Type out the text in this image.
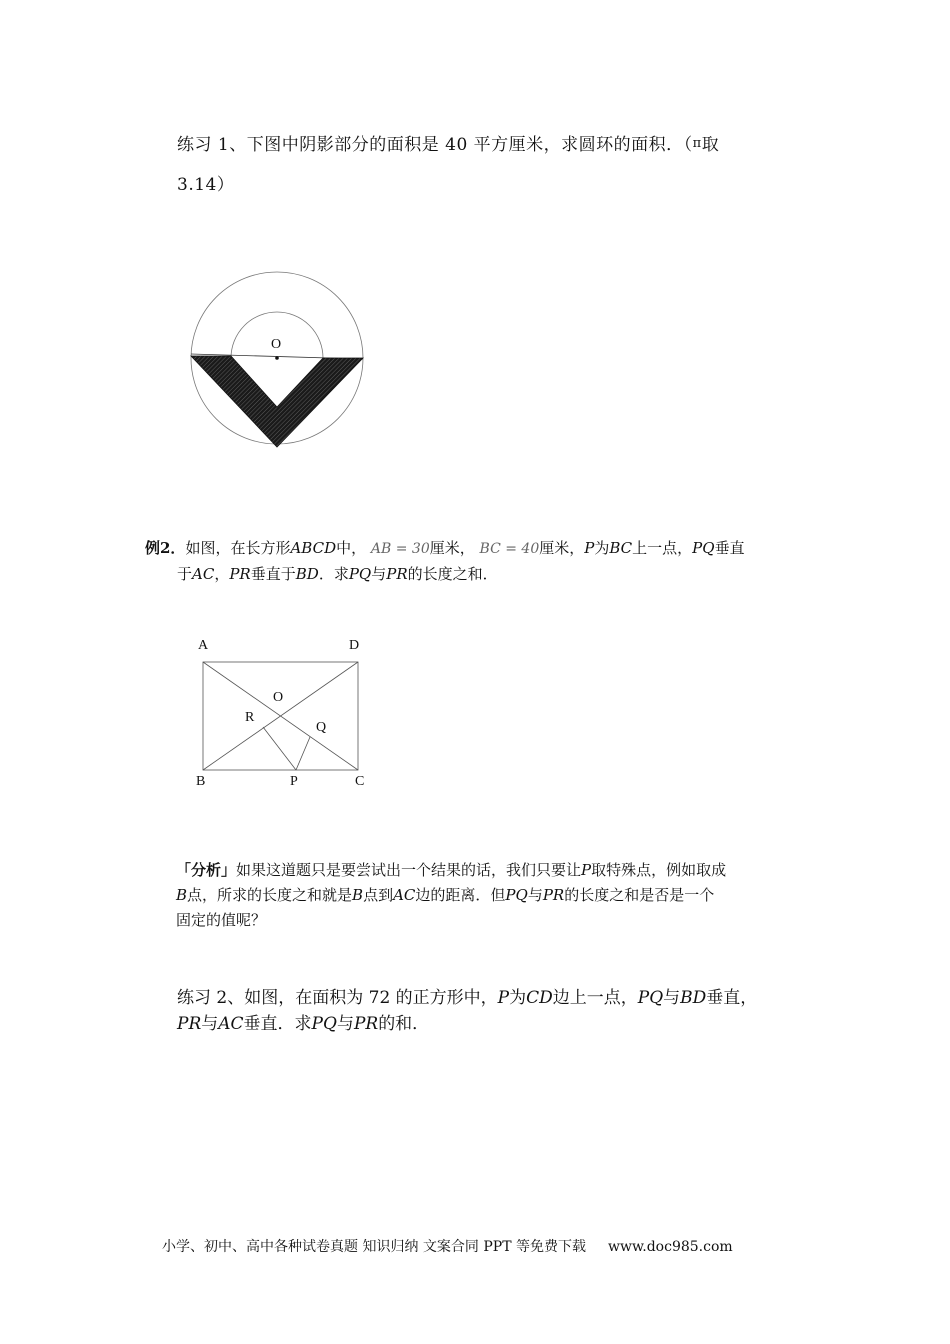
练习 1、下图中阴影部分的面积是 40 平方厘米，求圆环的面积．（π取
3.14）
O
例2．如图，在长方形ABCD中， AB = 30厘米， BC = 40厘米，P为BC上一点，PQ垂直
于AC，PR垂直于BD．求PQ与PR的长度之和．
A	D
O
R
Q
B	P	C
「分析」如果这道题只是要尝试出一个结果的话，我们只要让P取特殊点，例如取成
B点，所求的长度之和就是B点到AC边的距离．但PQ与PR的长度之和是否是一个
固定的值呢？
练习 2、如图，在面积为 72 的正方形中，P为CD边上一点，PQ与BD垂直，
PR与AC垂直．求PQ与PR的和．
小学、初中、高中各种试卷真题 知识归纳 文案合同 PPT 等免费下载 www.doc985.com
